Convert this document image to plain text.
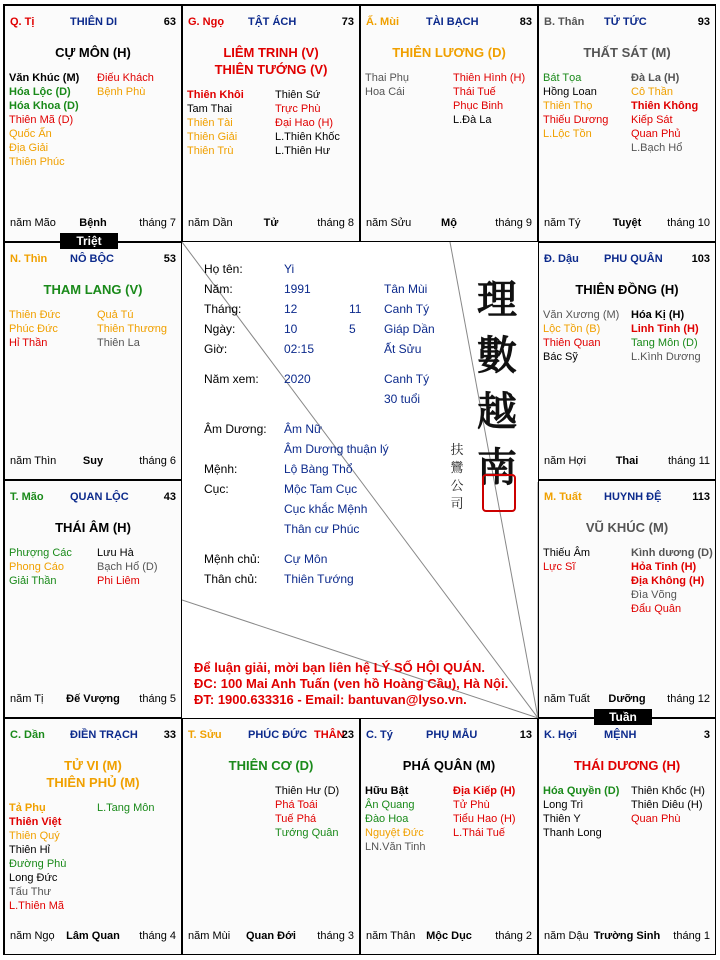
Q. Tị	THIÊN DI	63
CỰ MÔN (H)
Văn Khúc (M)
Hóa Lộc (D)
Hóa Khoa (D)
Thiên Mã (D)
Quốc Ấn
Địa Giải
Thiên Phúc
Điếu Khách
Bệnh Phù
năm Mão	Bệnh	tháng 7
G. Ngọ TẬT ÁCH	73
LIÊM TRINH (V)
THIÊN TƯỚNG (V)
Thiên Khôi
Tam Thai
Thiên Tài
Thiên Giải
Thiên Trù
Thiên Sứ
Trực Phù
Đại Hao (H)
L.Thiên Khốc
L.Thiên Hư
năm Dần	Tử	tháng 8
Ấ. Mùi TÀI BẠCH	83
THIÊN LƯƠNG (D)
Thai Phụ
Hoa Cái
Thiên Hình (H)
Thái Tuế
Phục Binh
L.Đà La
năm Sửu	Mộ	tháng 9
B. Thân TỬ TỨC	93
THẤT SÁT (M)
Bát Tọa
Hồng Loan
Thiên Thọ
Thiếu Dương
L.Lộc Tồn
Đà La (H)
Cô Thần
Thiên Không
Kiếp Sát
Quan Phủ
L.Bạch Hổ
năm Tý	Tuyệt	tháng 10
N. Thìn NÔ BỘC	53
THAM LANG (V)
Thiên Đức
Phúc Đức
Hỉ Thần
Quả Tú
Thiên Thương
Thiên La
năm Thìn	Suy	tháng 6
Đ. Dậu PHU QUÂN	103
THIÊN ĐỒNG (H)
Văn Xương (M)
Lộc Tồn (B)
Thiên Quan
Bác Sỹ
Hóa Kị (H)
Linh Tinh (H)
Tang Môn (D)
L.Kình Dương
năm Hợi	Thai	tháng 11
T. Mão QUAN LỘC	43
THÁI ÂM (H)
Phượng Các
Phong Cáo
Giải Thần
Lưu Hà
Bạch Hổ (D)
Phi Liêm
năm Tị	Đế Vượng	tháng 5
M. Tuất HUYNH ĐỆ	113
VŨ KHÚC (M)
Thiếu Âm
Lực Sĩ
Kình dương (D)
Hỏa Tinh (H)
Địa Không (H)
Đìa Võng
Đẩu Quân
năm Tuất	Dưỡng	tháng 12
C. Dần ĐIỀN TRẠCH 33
TỬ VI (M)
THIÊN PHỦ (M)
Tả Phụ
Thiên Việt
Thiên Quý
Thiên Hỉ
Đường Phù
Long Đức
Tấu Thư
L.Thiên Mã
L.Tang Môn
năm Ngọ	Lâm Quan	tháng 4
T. Sửu PHÚC ĐỨC THÂN
23
THIÊN CƠ (D)
Thiên Hư (D)
Phá Toái
Tuế Phá
Tướng Quân
năm Mùi	Quan Đới	tháng 3
C. Tý	PHỤ MẪU	13
PHÁ QUÂN (M)
Hữu Bật
Ân Quang
Đào Hoa
Nguyệt Đức
LN.Văn Tinh
Địa Kiếp (H)
Tử Phù
Tiểu Hao (H)
L.Thái Tuế
năm Thân Mộc Dục	tháng 2
K. Hợi MỆNH	3
THÁI DƯƠNG (H)
Hóa Quyền (D)
Long Trì
Thiên Y
Thanh Long
Thiên Khốc (H)
Thiên Diêu (H)
Quan Phù
năm Dậu Trường Sinh	tháng 1
Họ tên:	Yi
Năm:	1991	Tân Mùi
Tháng:	12	11 Canh Tý
Ngày:	10	5 Giáp Dần
Giờ:	02:15	Ất Sửu
Năm xem: 2020	Canh Tý
30 tuổi
Âm Dương: Âm Nữ
Âm Dương thuận lý
Mệnh:	Lộ Bàng Thổ
Cục:	Mộc Tam Cục
Cục khắc Mệnh
Thân cư Phúc
Mệnh chủ: Cự Môn
Thân chủ: Thiên Tướng
理
數
越
南
扶
鸞
公
司
Để luận giải, mời bạn liên hệ LÝ SỐ HỘI QUÁN.
ĐC: 100 Mai Anh Tuấn (ven hồ Hoàng Cầu), Hà Nội.
ĐT: 1900.633316 - Email: bantuvan@lyso.vn.
Triệt
Tuần
